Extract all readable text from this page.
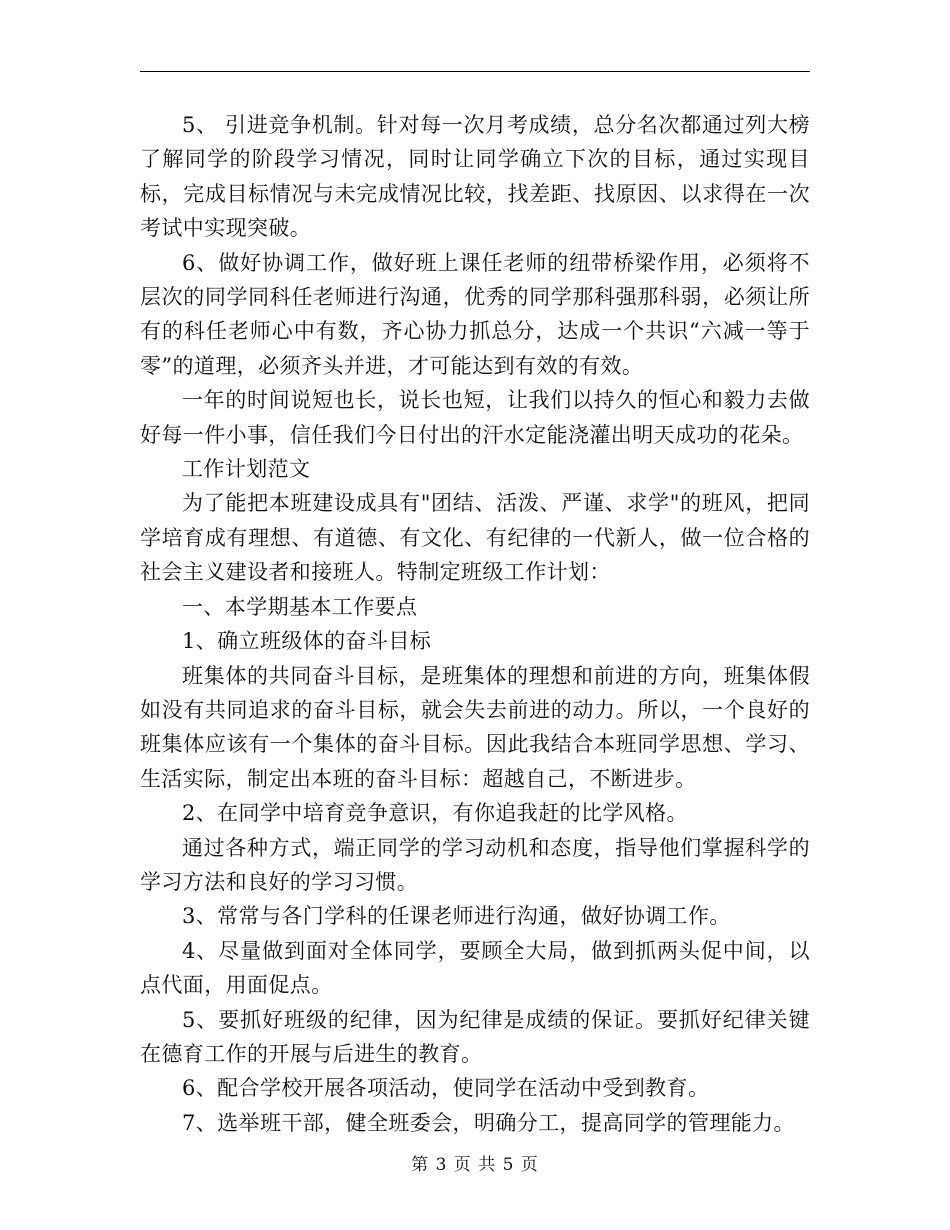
5、 引进竞争机制。针对每一次月考成绩，总分名次都通过列大榜了解同学的阶段学习情况，同时让同学确立下次的目标，通过实现目标，完成目标情况与未完成情况比较，找差距、找原因、以求得在一次考试中实现突破。

6、做好协调工作，做好班上课任老师的纽带桥梁作用，必须将不层次的同学同科任老师进行沟通，优秀的同学那科强那科弱，必须让所有的科任老师心中有数，齐心协力抓总分，达成一个共识“六减一等于零”的道理，必须齐头并进，才可能达到有效的有效。

一年的时间说短也长，说长也短，让我们以持久的恒心和毅力去做好每一件小事，信任我们今日付出的汗水定能浇灌出明天成功的花朵。

工作计划范文

为了能把本班建设成具有"团结、活泼、严谨、求学"的班风，把同学培育成有理想、有道德、有文化、有纪律的一代新人，做一位合格的社会主义建设者和接班人。特制定班级工作计划：

一、本学期基本工作要点

1、确立班级体的奋斗目标

班集体的共同奋斗目标，是班集体的理想和前进的方向，班集体假如没有共同追求的奋斗目标，就会失去前进的动力。所以，一个良好的班集体应该有一个集体的奋斗目标。因此我结合本班同学思想、学习、生活实际，制定出本班的奋斗目标：超越自己，不断进步。

2、在同学中培育竞争意识，有你追我赶的比学风格。

通过各种方式，端正同学的学习动机和态度，指导他们掌握科学的学习方法和良好的学习习惯。

3、常常与各门学科的任课老师进行沟通，做好协调工作。

4、尽量做到面对全体同学，要顾全大局，做到抓两头促中间，以点代面，用面促点。

5、要抓好班级的纪律，因为纪律是成绩的保证。要抓好纪律关键在德育工作的开展与后进生的教育。

6、配合学校开展各项活动，使同学在活动中受到教育。

7、选举班干部，健全班委会，明确分工，提高同学的管理能力。

第 3 页 共 5 页
